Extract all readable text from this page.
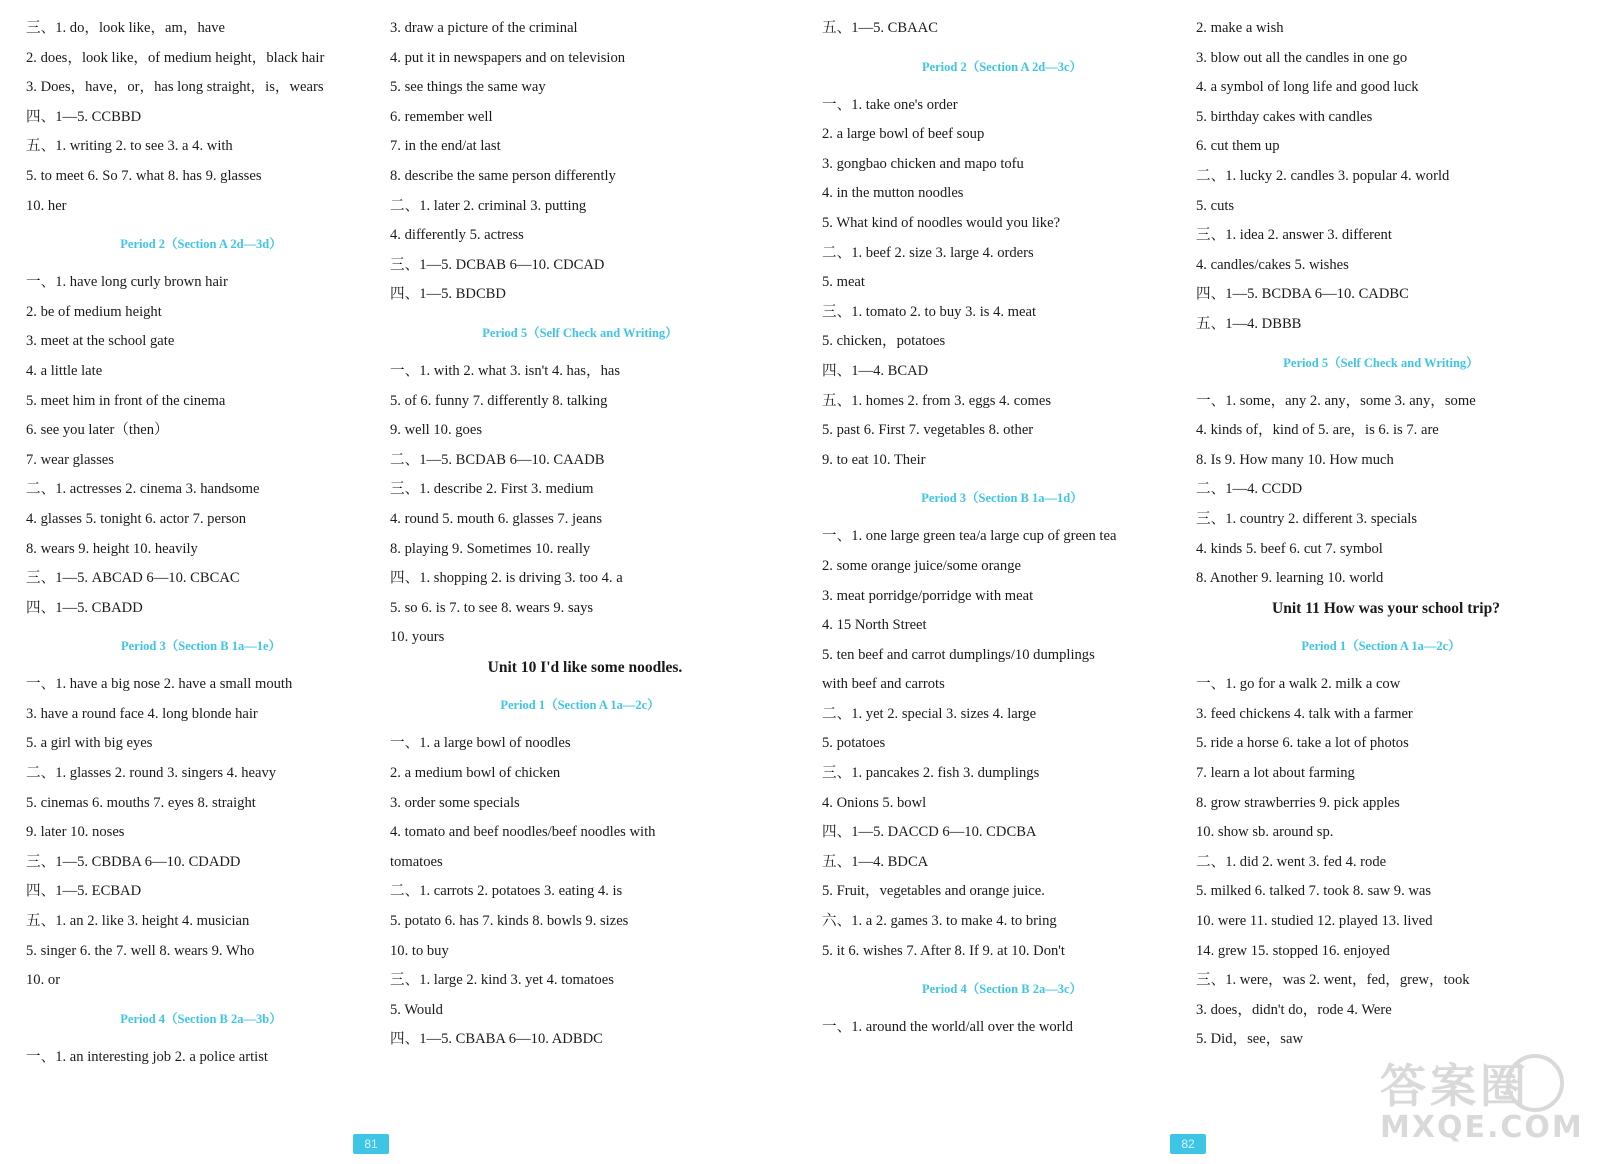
三、1. do，look like，am，have
2. does，look like，of medium height，black hair
3. Does，have，or，has long straight，is，wears
四、1—5. CCBBD
五、1. writing 2. to see 3. a 4. with
5. to meet 6. So 7. what 8. has 9. glasses
10. her
Period 2（Section A 2d—3d）
一、1. have long curly brown hair
2. be of medium height
3. meet at the school gate
4. a little late
5. meet him in front of the cinema
6. see you later（then）
7. wear glasses
二、1. actresses 2. cinema 3. handsome
4. glasses 5. tonight 6. actor 7. person
8. wears 9. height 10. heavily
三、1—5. ABCAD 6—10. CBCAC
四、1—5. CBADD
Period 3（Section B 1a—1e）
一、1. have a big nose 2. have a small mouth
3. have a round face 4. long blonde hair
5. a girl with big eyes
二、1. glasses 2. round 3. singers 4. heavy
5. cinemas 6. mouths 7. eyes 8. straight
9. later 10. noses
三、1—5. CBDBA 6—10. CDADD
四、1—5. ECBAD
五、1. an 2. like 3. height 4. musician
5. singer 6. the 7. well 8. wears 9. Who
10. or
Period 4（Section B 2a—3b）
一、1. an interesting job 2. a police artist
3. draw a picture of the criminal
4. put it in newspapers and on television
5. see things the same way
6. remember well
7. in the end/at last
8. describe the same person differently
二、1. later 2. criminal 3. putting
4. differently 5. actress
三、1—5. DCBAB 6—10. CDCAD
四、1—5. BDCBD
Period 5（Self Check and Writing）
一、1. with 2. what 3. isn't 4. has，has
5. of 6. funny 7. differently 8. talking
9. well 10. goes
二、1—5. BCDAB 6—10. CAADB
三、1. describe 2. First 3. medium
4. round 5. mouth 6. glasses 7. jeans
8. playing 9. Sometimes 10. really
四、1. shopping 2. is driving 3. too 4. a
5. so 6. is 7. to see 8. wears 9. says
10. yours
Unit 10 I'd like some noodles.
Period 1（Section A 1a—2c）
一、1. a large bowl of noodles
2. a medium bowl of chicken
3. order some specials
4. tomato and beef noodles/beef noodles with
tomatoes
二、1. carrots 2. potatoes 3. eating 4. is
5. potato 6. has 7. kinds 8. bowls 9. sizes
10. to buy
三、1. large 2. kind 3. yet 4. tomatoes
5. Would
四、1—5. CBABA 6—10. ADBDC
五、1—5. CBAAC
Period 2（Section A 2d—3c）
一、1. take one's order
2. a large bowl of beef soup
3. gongbao chicken and mapo tofu
4. in the mutton noodles
5. What kind of noodles would you like?
二、1. beef 2. size 3. large 4. orders
5. meat
三、1. tomato 2. to buy 3. is 4. meat
5. chicken，potatoes
四、1—4. BCAD
五、1. homes 2. from 3. eggs 4. comes
5. past 6. First 7. vegetables 8. other
9. to eat 10. Their
Period 3（Section B 1a—1d）
一、1. one large green tea/a large cup of green tea
2. some orange juice/some orange
3. meat porridge/porridge with meat
4. 15 North Street
5. ten beef and carrot dumplings/10 dumplings
with beef and carrots
二、1. yet 2. special 3. sizes 4. large
5. potatoes
三、1. pancakes 2. fish 3. dumplings
4. Onions 5. bowl
四、1—5. DACCD 6—10. CDCBA
五、1—4. BDCA
5. Fruit，vegetables and orange juice.
六、1. a 2. games 3. to make 4. to bring
5. it 6. wishes 7. After 8. If 9. at 10. Don't
Period 4（Section B 2a—3c）
一、1. around the world/all over the world
2. make a wish
3. blow out all the candles in one go
4. a symbol of long life and good luck
5. birthday cakes with candles
6. cut them up
二、1. lucky 2. candles 3. popular 4. world
5. cuts
三、1. idea 2. answer 3. different
4. candles/cakes 5. wishes
四、1—5. BCDBA 6—10. CADBC
五、1—4. DBBB
Period 5（Self Check and Writing）
一、1. some，any 2. any，some 3. any，some
4. kinds of，kind of 5. are，is 6. is 7. are
8. Is 9. How many 10. How much
二、1—4. CCDD
三、1. country 2. different 3. specials
4. kinds 5. beef 6. cut 7. symbol
8. Another 9. learning 10. world
Unit 11 How was your school trip?
Period 1（Section A 1a—2c）
一、1. go for a walk 2. milk a cow
3. feed chickens 4. talk with a farmer
5. ride a horse 6. take a lot of photos
7. learn a lot about farming
8. grow strawberries 9. pick apples
10. show sb. around sp.
二、1. did 2. went 3. fed 4. rode
5. milked 6. talked 7. took 8. saw 9. was
10. were 11. studied 12. played 13. lived
14. grew 15. stopped 16. enjoyed
三、1. were，was 2. went，fed，grew，took
3. does，didn't do，rode 4. Were
5. Did，see，saw
81	82
答案圈
MXQE.COM
